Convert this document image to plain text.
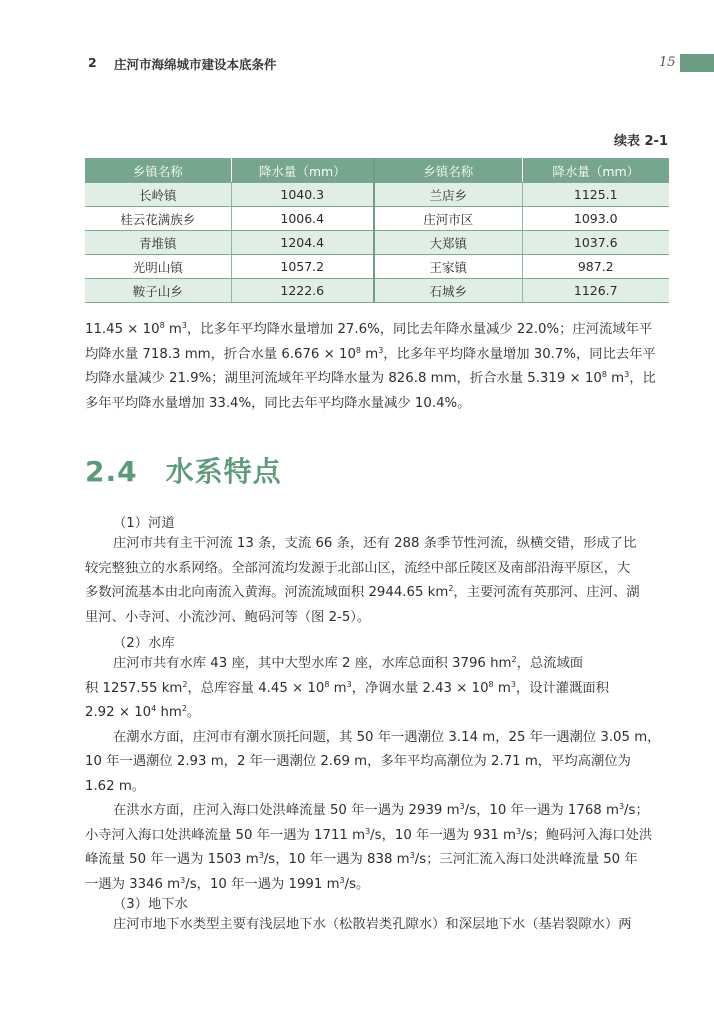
2 庄河市海绵城市建设本底条件	15
续表 2-1
乡镇名称	降水量（mm）	乡镇名称	降水量（mm）
长岭镇	1040.3	兰店乡	1125.1
桂云花满族乡	1006.4	庄河市区	1093.0
青堆镇	1204.4	大郑镇	1037.6
光明山镇	1057.2	王家镇	987.2
鞍子山乡	1222.6	石城乡	1126.7
$11.45 \times 10^8$ $m^3$，比多年平均降水量增加 27.6%，同比去年降水量减少 22.0%；庄河流域年平
均降水量 718.3 mm，折合水量 $6.676 \times 10^8$ $m^3$，比多年平均降水量增加 30.7%，同比去年平
均降水量减少 21.9%；湖里河流域年平均降水量为 826.8 mm，折合水量 $5.319 \times 10^8$ $m^3$，比
多年平均降水量增加 33.4%，同比去年平均降水量减少 10.4%。
2.4 水系特点
（1）河道
庄河市共有主干河流 13 条，支流 66 条，还有 288 条季节性河流，纵横交错，形成了比
较完整独立的水系网络。全部河流均发源于北部山区，流经中部丘陵区及南部沿海平原区，大
多数河流基本由北向南流入黄海。河流流域面积 2944.65 $km^2$，主要河流有英那河、庄河、湖
里河、小寺河、小流沙河、鲍码河等（图 2-5）。
（2）水库
庄河市共有水库 43 座，其中大型水库 2 座，水库总面积 3796 $hm^2$，总流域面
积 1257.55 $km^2$，总库容量 $4.45 \times 10^8$ $m^3$，净调水量 $2.43 \times 10^8$ $m^3$，设计灌溉面积
$2.92 \times 10^4$ $hm^2$。
在潮水方面，庄河市有潮水顶托问题，其 50 年一遇潮位 3.14 m，25 年一遇潮位 3.05 m，
10 年一遇潮位 2.93 m，2 年一遇潮位 2.69 m，多年平均高潮位为 2.71 m，平均高潮位为
1.62 m。
在洪水方面，庄河入海口处洪峰流量 50 年一遇为 2939 $m^3/s$，10 年一遇为 1768 $m^3/s$；
小寺河入海口处洪峰流量 50 年一遇为 1711 $m^3/s$，10 年一遇为 931 $m^3/s$；鲍码河入海口处洪
峰流量 50 年一遇为 1503 $m^3/s$，10 年一遇为 838 $m^3/s$；三河汇流入海口处洪峰流量 50 年
一遇为 3346 $m^3/s$，10 年一遇为 1991 $m^3/s$。
（3）地下水
庄河市地下水类型主要有浅层地下水（松散岩类孔隙水）和深层地下水（基岩裂隙水）两
